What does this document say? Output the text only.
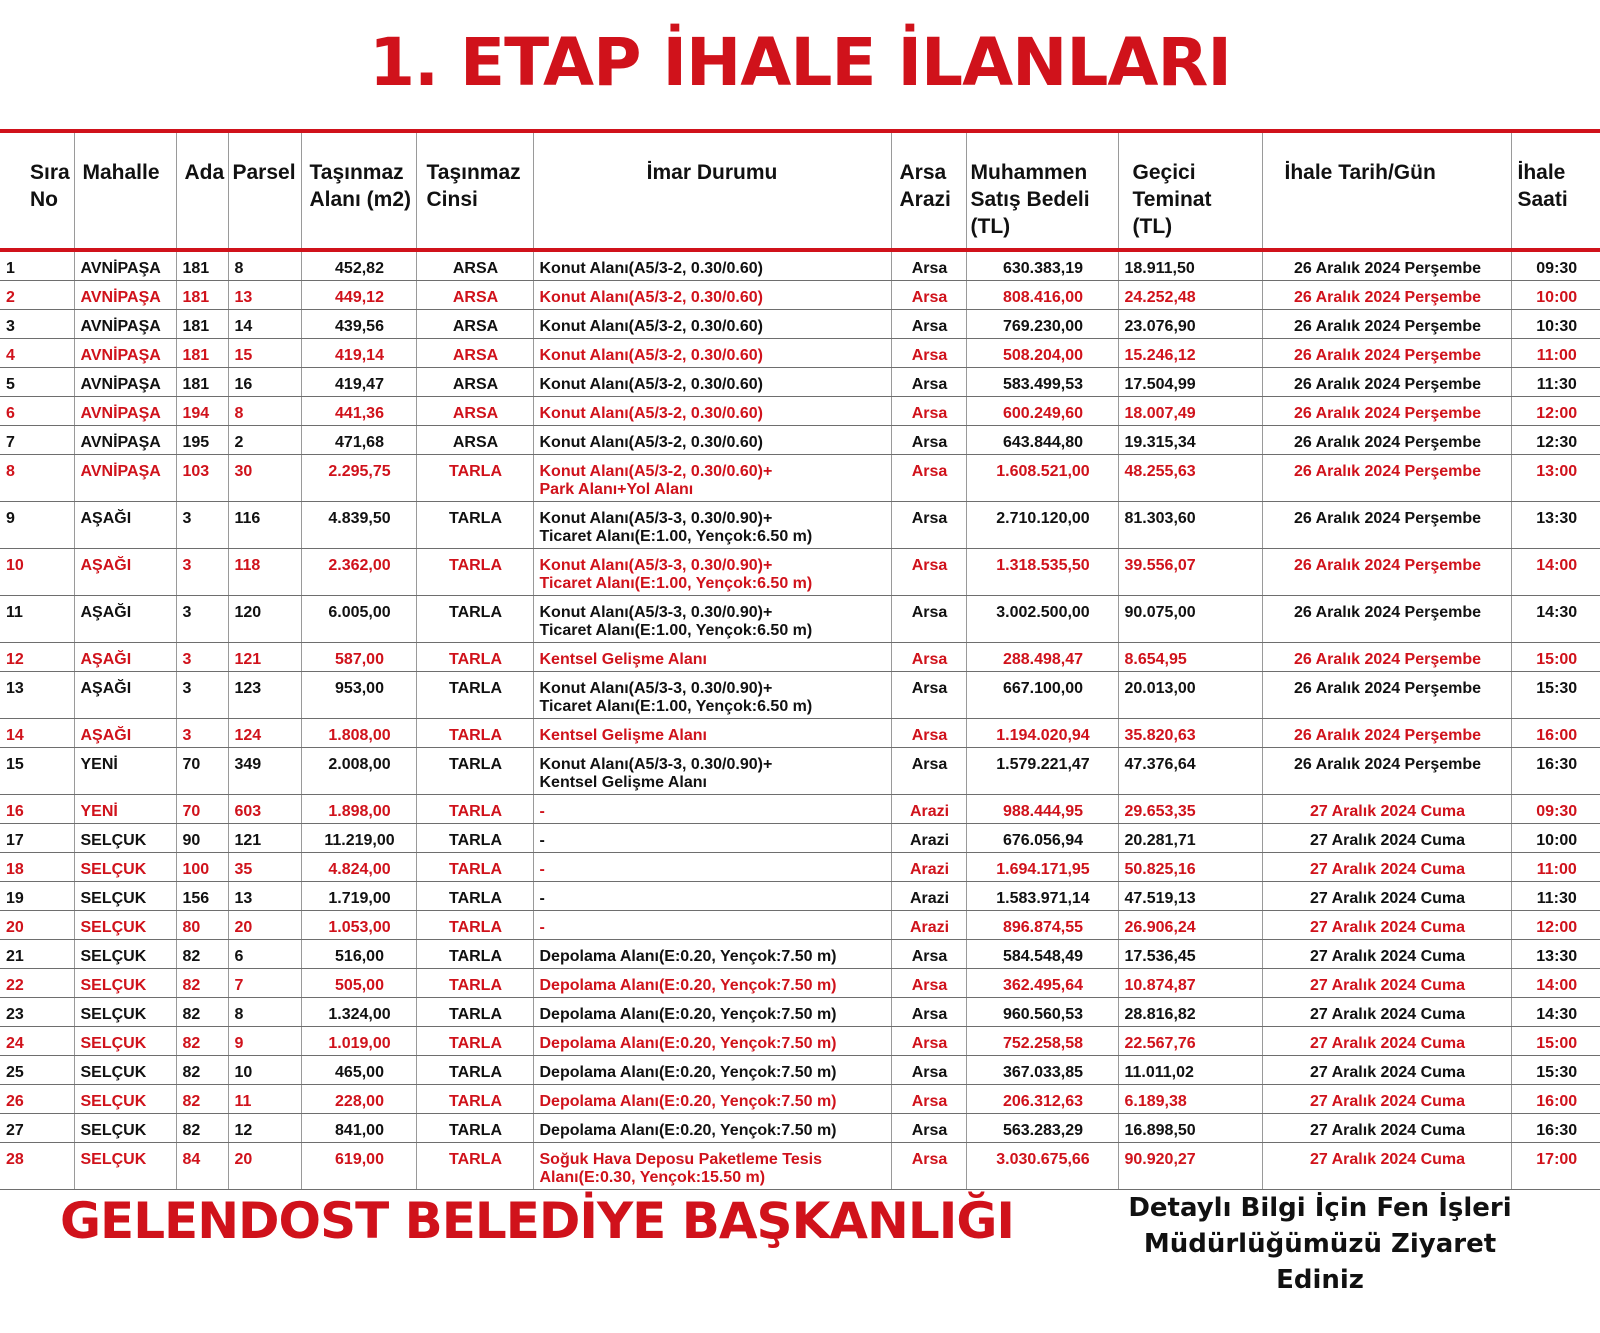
1. ETAP İHALE İLANLARI
Sıra No	Mahalle	Ada	Parsel	Taşınmaz Alanı (m2)	Taşınmaz Cinsi	İmar Durumu	Arsa Arazi	Muhammen Satış Bedeli (TL)	Geçici Teminat (TL)	İhale Tarih/Gün	İhale Saati
1	AVNİPAŞA	181	8	452,82	ARSA	Konut Alanı(A5/3-2, 0.30/0.60)	Arsa	630.383,19	18.911,50	26 Aralık 2024 Perşembe	09:30
2	AVNİPAŞA	181	13	449,12	ARSA	Konut Alanı(A5/3-2, 0.30/0.60)	Arsa	808.416,00	24.252,48	26 Aralık 2024 Perşembe	10:00
3	AVNİPAŞA	181	14	439,56	ARSA	Konut Alanı(A5/3-2, 0.30/0.60)	Arsa	769.230,00	23.076,90	26 Aralık 2024 Perşembe	10:30
4	AVNİPAŞA	181	15	419,14	ARSA	Konut Alanı(A5/3-2, 0.30/0.60)	Arsa	508.204,00	15.246,12	26 Aralık 2024 Perşembe	11:00
5	AVNİPAŞA	181	16	419,47	ARSA	Konut Alanı(A5/3-2, 0.30/0.60)	Arsa	583.499,53	17.504,99	26 Aralık 2024 Perşembe	11:30
6	AVNİPAŞA	194	8	441,36	ARSA	Konut Alanı(A5/3-2, 0.30/0.60)	Arsa	600.249,60	18.007,49	26 Aralık 2024 Perşembe	12:00
7	AVNİPAŞA	195	2	471,68	ARSA	Konut Alanı(A5/3-2, 0.30/0.60)	Arsa	643.844,80	19.315,34	26 Aralık 2024 Perşembe	12:30
8	AVNİPAŞA	103	30	2.295,75	TARLA	Konut Alanı(A5/3-2, 0.30/0.60)+
Park Alanı+Yol Alanı	Arsa	1.608.521,00	48.255,63	26 Aralık 2024 Perşembe	13:00
9	AŞAĞI	3	116	4.839,50	TARLA	Konut Alanı(A5/3-3, 0.30/0.90)+
Ticaret Alanı(E:1.00, Yençok:6.50 m)	Arsa	2.710.120,00	81.303,60	26 Aralık 2024 Perşembe	13:30
10	AŞAĞI	3	118	2.362,00	TARLA	Konut Alanı(A5/3-3, 0.30/0.90)+
Ticaret Alanı(E:1.00, Yençok:6.50 m)	Arsa	1.318.535,50	39.556,07	26 Aralık 2024 Perşembe	14:00
11	AŞAĞI	3	120	6.005,00	TARLA	Konut Alanı(A5/3-3, 0.30/0.90)+
Ticaret Alanı(E:1.00, Yençok:6.50 m)	Arsa	3.002.500,00	90.075,00	26 Aralık 2024 Perşembe	14:30
12	AŞAĞI	3	121	587,00	TARLA	Kentsel Gelişme Alanı	Arsa	288.498,47	8.654,95	26 Aralık 2024 Perşembe	15:00
13	AŞAĞI	3	123	953,00	TARLA	Konut Alanı(A5/3-3, 0.30/0.90)+
Ticaret Alanı(E:1.00, Yençok:6.50 m)	Arsa	667.100,00	20.013,00	26 Aralık 2024 Perşembe	15:30
14	AŞAĞI	3	124	1.808,00	TARLA	Kentsel Gelişme Alanı	Arsa	1.194.020,94	35.820,63	26 Aralık 2024 Perşembe	16:00
15	YENİ	70	349	2.008,00	TARLA	Konut Alanı(A5/3-3, 0.30/0.90)+
Kentsel Gelişme Alanı	Arsa	1.579.221,47	47.376,64	26 Aralık 2024 Perşembe	16:30
16	YENİ	70	603	1.898,00	TARLA	-	Arazi	988.444,95	29.653,35	27 Aralık 2024 Cuma	09:30
17	SELÇUK	90	121	11.219,00	TARLA	-	Arazi	676.056,94	20.281,71	27 Aralık 2024 Cuma	10:00
18	SELÇUK	100	35	4.824,00	TARLA	-	Arazi	1.694.171,95	50.825,16	27 Aralık 2024 Cuma	11:00
19	SELÇUK	156	13	1.719,00	TARLA	-	Arazi	1.583.971,14	47.519,13	27 Aralık 2024 Cuma	11:30
20	SELÇUK	80	20	1.053,00	TARLA	-	Arazi	896.874,55	26.906,24	27 Aralık 2024 Cuma	12:00
21	SELÇUK	82	6	516,00	TARLA	Depolama Alanı(E:0.20, Yençok:7.50 m)	Arsa	584.548,49	17.536,45	27 Aralık 2024 Cuma	13:30
22	SELÇUK	82	7	505,00	TARLA	Depolama Alanı(E:0.20, Yençok:7.50 m)	Arsa	362.495,64	10.874,87	27 Aralık 2024 Cuma	14:00
23	SELÇUK	82	8	1.324,00	TARLA	Depolama Alanı(E:0.20, Yençok:7.50 m)	Arsa	960.560,53	28.816,82	27 Aralık 2024 Cuma	14:30
24	SELÇUK	82	9	1.019,00	TARLA	Depolama Alanı(E:0.20, Yençok:7.50 m)	Arsa	752.258,58	22.567,76	27 Aralık 2024 Cuma	15:00
25	SELÇUK	82	10	465,00	TARLA	Depolama Alanı(E:0.20, Yençok:7.50 m)	Arsa	367.033,85	11.011,02	27 Aralık 2024 Cuma	15:30
26	SELÇUK	82	11	228,00	TARLA	Depolama Alanı(E:0.20, Yençok:7.50 m)	Arsa	206.312,63	6.189,38	27 Aralık 2024 Cuma	16:00
27	SELÇUK	82	12	841,00	TARLA	Depolama Alanı(E:0.20, Yençok:7.50 m)	Arsa	563.283,29	16.898,50	27 Aralık 2024 Cuma	16:30
28	SELÇUK	84	20	619,00	TARLA	Soğuk Hava Deposu Paketleme Tesis
Alanı(E:0.30, Yençok:15.50 m)	Arsa	3.030.675,66	90.920,27	27 Aralık 2024 Cuma	17:00
GELENDOST BELEDİYE BAŞKANLIĞI	Detaylı Bilgi İçin Fen İşleri
Müdürlüğümüzü Ziyaret Ediniz
